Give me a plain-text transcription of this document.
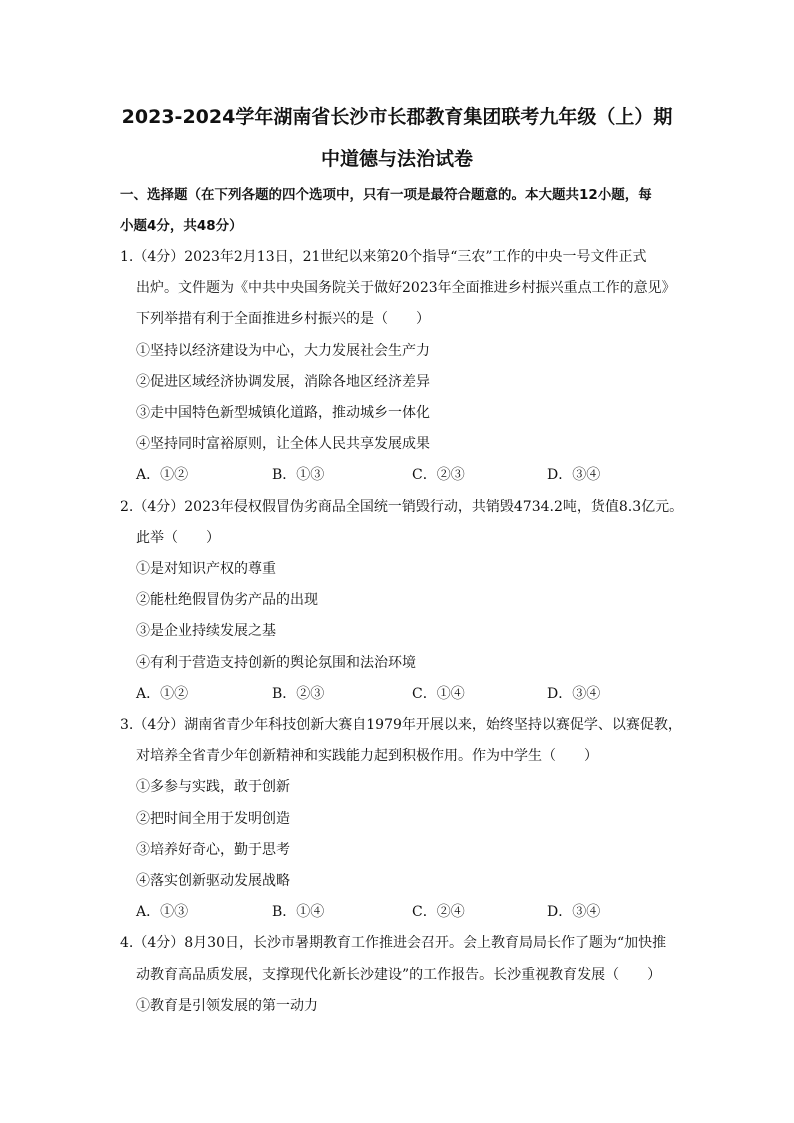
2023-2024学年湖南省长沙市长郡教育集团联考九年级（上）期
中道德与法治试卷
一、选择题（在下列各题的四个选项中，只有一项是最符合题意的。本大题共12小题，每
小题4分，共48分）
1.（4分）2023年2月13日，21世纪以来第20个指导“三农”工作的中央一号文件正式
出炉。文件题为《中共中央国务院关于做好2023年全面推进乡村振兴重点工作的意见》
下列举措有利于全面推进乡村振兴的是（　　）
①坚持以经济建设为中心，大力发展社会生产力
②促进区域经济协调发展，消除各地区经济差异
③走中国特色新型城镇化道路，推动城乡一体化
④坚持同时富裕原则，让全体人民共享发展成果
A．①②	B．①③	C．②③	D．③④
2.（4分）2023年侵权假冒伪劣商品全国统一销毁行动，共销毁4734.2吨，货值8.3亿元。
此举（　　）
①是对知识产权的尊重
②能杜绝假冒伪劣产品的出现
③是企业持续发展之基
④有利于营造支持创新的舆论氛围和法治环境
A．①②	B．②③	C．①④	D．③④
3.（4分）湖南省青少年科技创新大赛自1979年开展以来，始终坚持以赛促学、以赛促教，
对培养全省青少年创新精神和实践能力起到积极作用。作为中学生（　　）
①多参与实践，敢于创新
②把时间全用于发明创造
③培养好奇心，勤于思考
④落实创新驱动发展战略
A．①③	B．①④	C．②④	D．③④
4.（4分）8月30日，长沙市暑期教育工作推进会召开。会上教育局局长作了题为“加快推
动教育高品质发展，支撑现代化新长沙建设”的工作报告。长沙重视教育发展（　　）
①教育是引领发展的第一动力
